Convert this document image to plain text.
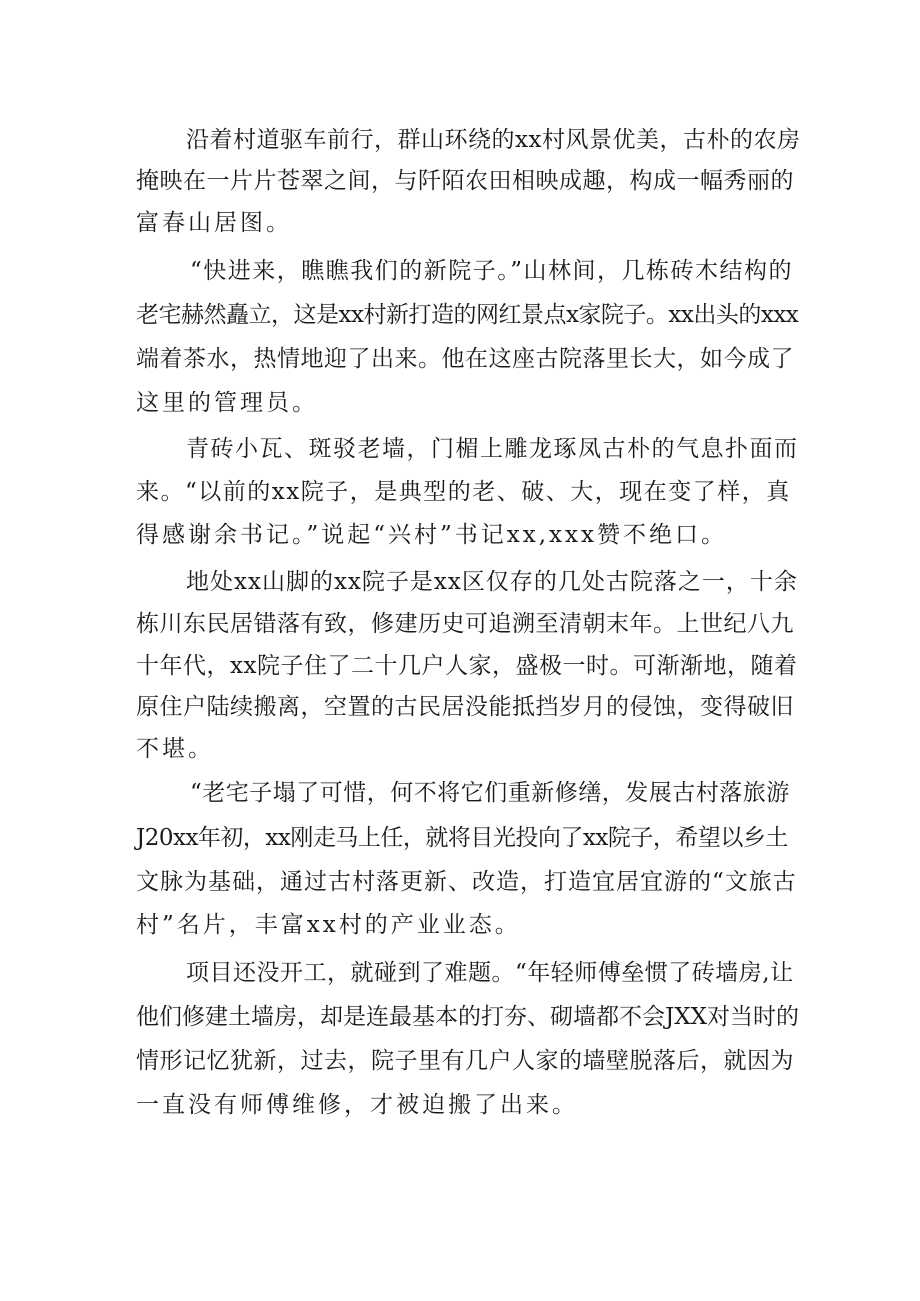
沿着村道驱车前行，群山环绕的xx村风景优美，古朴的农房
掩映在一片片苍翠之间，与阡陌农田相映成趣，构成一幅秀丽的
富春山居图。
“快进来，瞧瞧我们的新院子。”山林间，几栋砖木结构的
老宅赫然矗立，这是xx村新打造的网红景点x家院子。xx出头的xxx
端着茶水，热情地迎了出来。他在这座古院落里长大，如今成了
这里的管理员。
青砖小瓦、斑驳老墙，门楣上雕龙琢凤古朴的气息扑面而
来。“以前的xx院子，是典型的老、破、大，现在变了样，真
得感谢余书记。”说起“兴村”书记xx,xxx赞不绝口。
地处xx山脚的xx院子是xx区仅存的几处古院落之一，十余
栋川东民居错落有致，修建历史可追溯至清朝末年。上世纪八九
十年代，xx院子住了二十几户人家，盛极一时。可渐渐地，随着
原住户陆续搬离，空置的古民居没能抵挡岁月的侵蚀，变得破旧
不堪。
“老宅子塌了可惜，何不将它们重新修缮，发展古村落旅游
J20xx年初，xx刚走马上任，就将目光投向了xx院子，希望以乡土
文脉为基础，通过古村落更新、改造，打造宜居宜游的“文旅古
村”名片，丰富xx村的产业业态。
项目还没开工，就碰到了难题。“年轻师傅垒惯了砖墙房,让
他们修建土墙房，却是连最基本的打夯、砌墙都不会JXX对当时的
情形记忆犹新，过去，院子里有几户人家的墙壁脱落后，就因为
一直没有师傅维修，才被迫搬了出来。
